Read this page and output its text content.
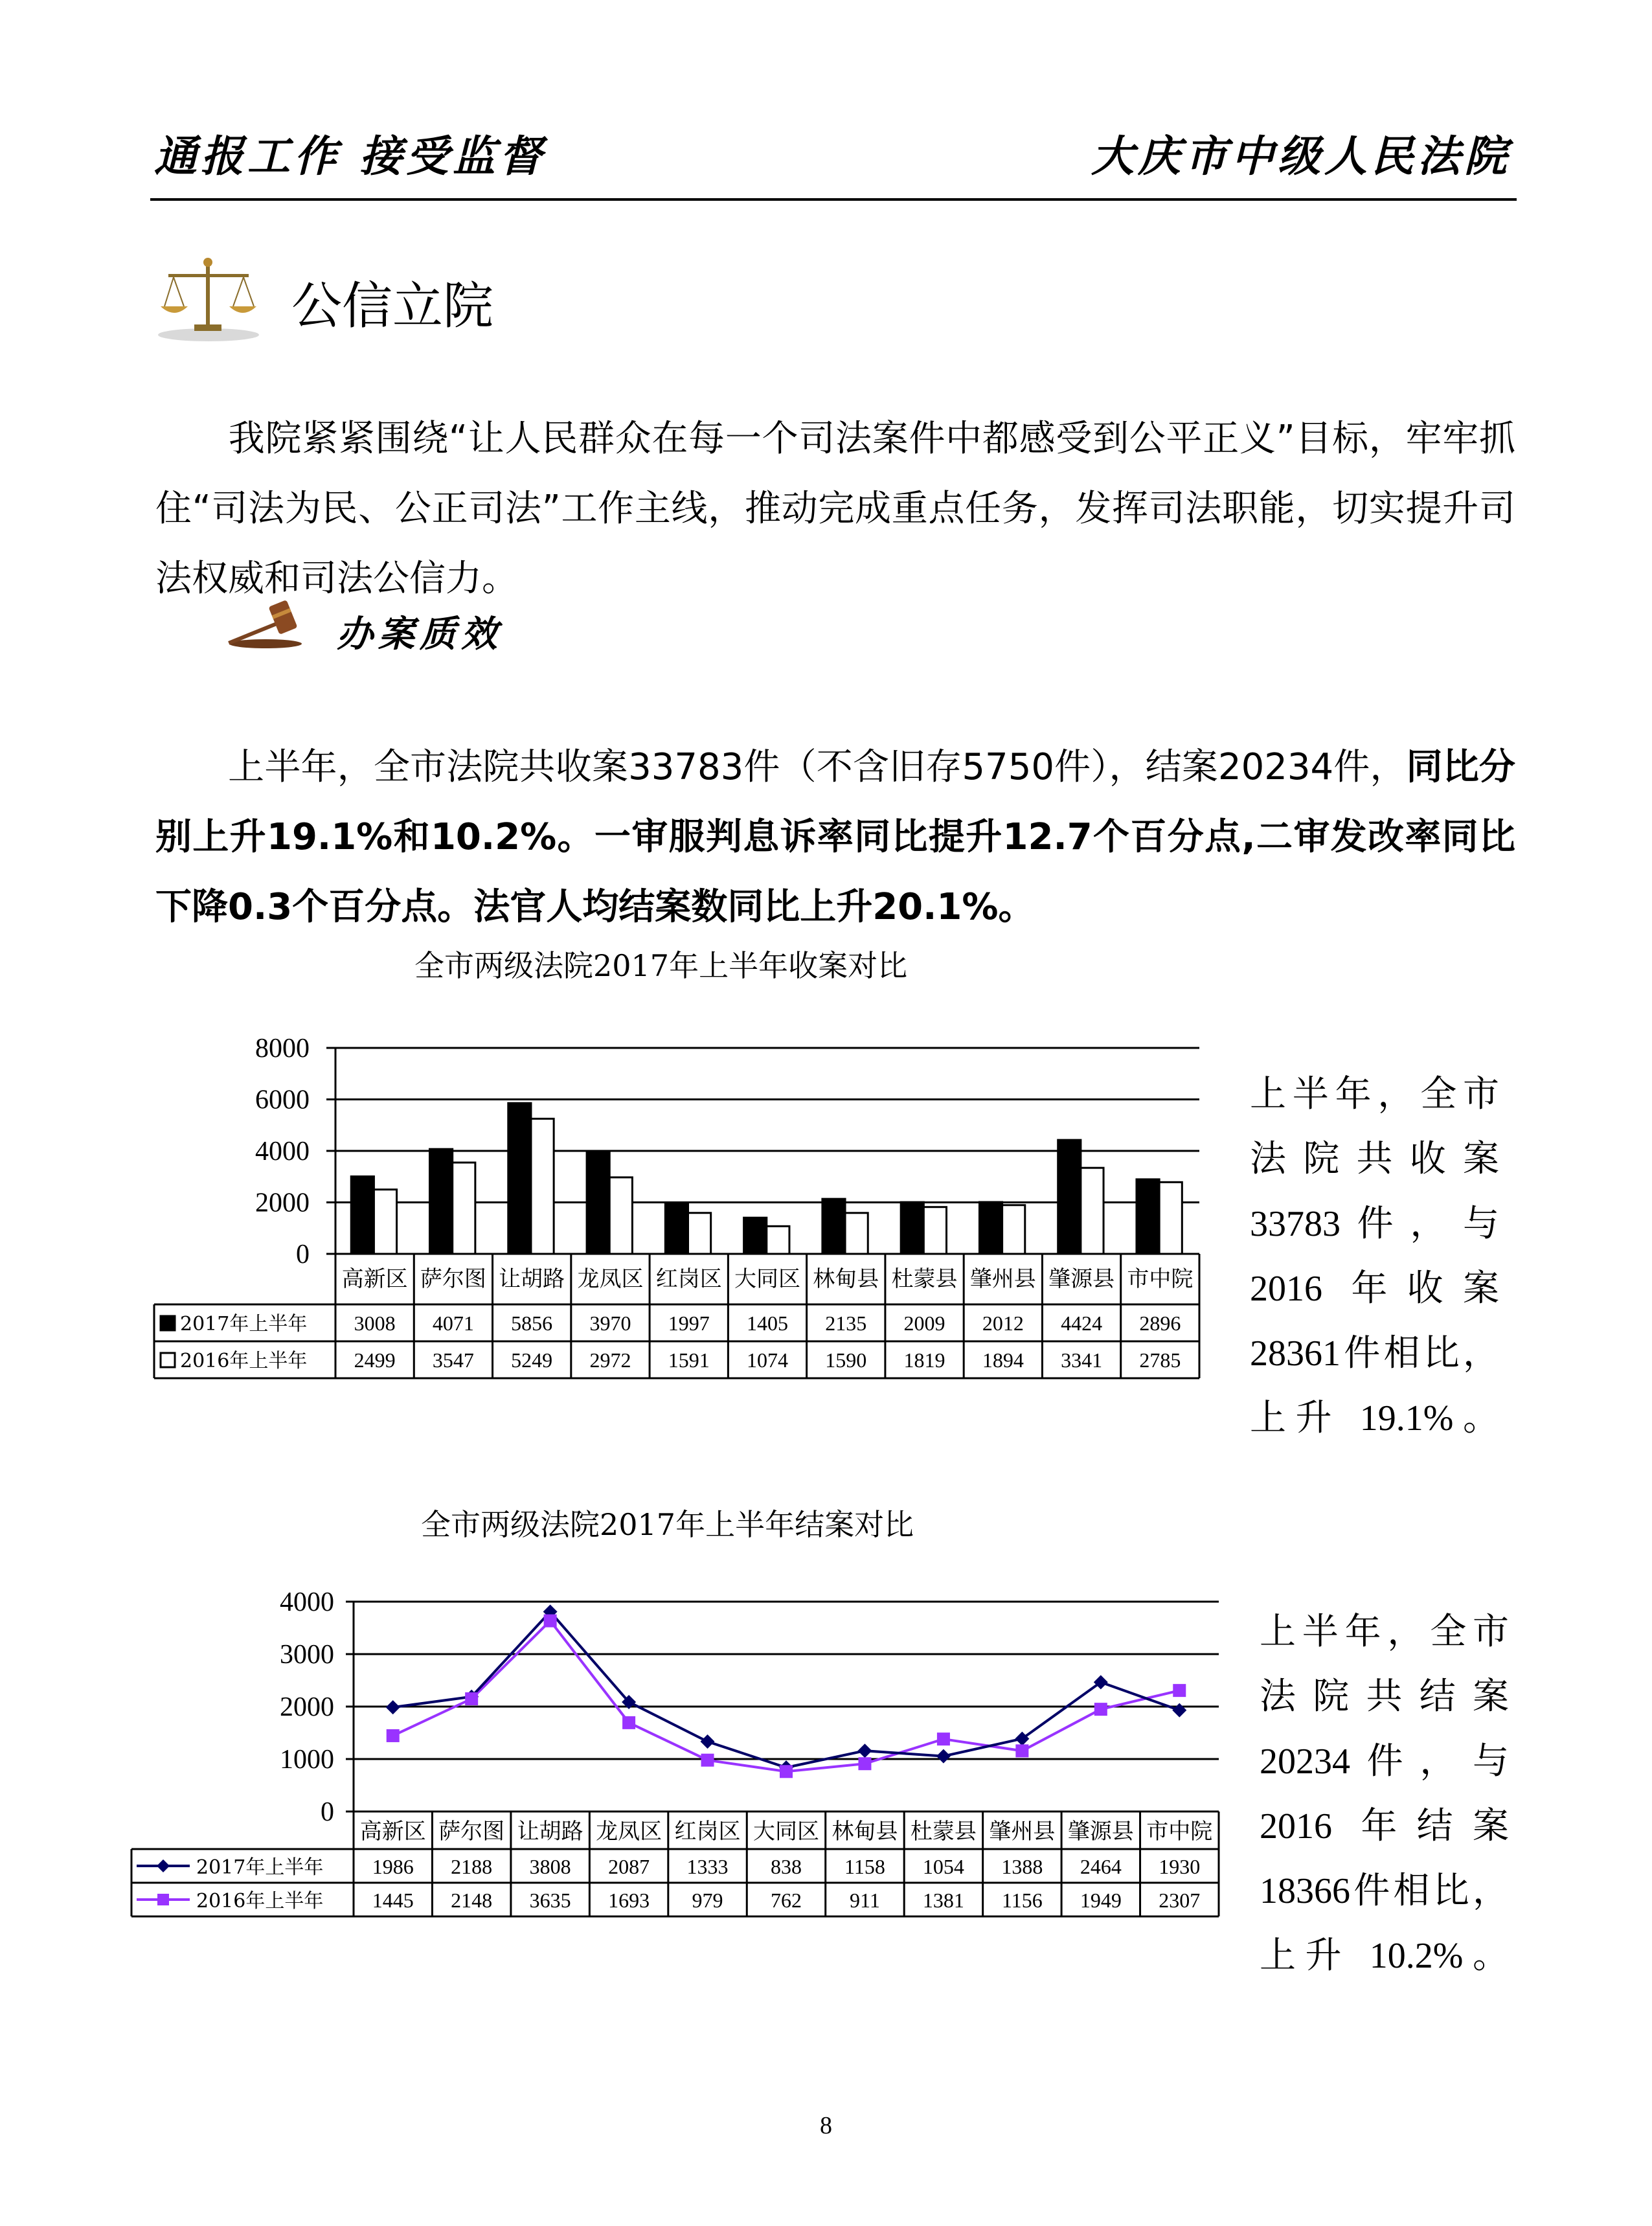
通报工作 接受监督	大庆市中级人民法院
公信立院

我院紧紧围绕“让人民群众在每一个司法案件中都感受到公平正义”目标，牢牢抓住“司法为民、公正司法”工作主线，推动完成重点任务，发挥司法职能，切实提升司法权威和司法公信力。

办案质效

上半年，全市法院共收案33783件（不含旧存5750件），结案20234件，同比分别上升19.1%和10.2%。一审服判息诉率同比提升12.7个百分点,二审发改率同比下降0.3个百分点。法官人均结案数同比上升20.1%。

全市两级法院2017年上半年收案对比
全市两级法院2017年上半年结案对比
8000
6000
4000
2000
0
高新区 萨尔图 让胡路 龙凤区 红岗区 大同区 林甸县 杜蒙县 肇州县 肇源县 市中院
2017年上半年 3008 4071 5856 3970 1997 1405 2135 2009 2012 4424 2896
2016年上半年 2499 3547 5249 2972 1591 1074 1590 1819 1894 3341 2785
4000
3000
2000
1000
0
高新区 萨尔图 让胡路 龙凤区 红岗区 大同区 林甸县 杜蒙县 肇州县 肇源县 市中院
2017年上半年 1986 2188 3808 2087 1333 838 1158 1054 1388 2464 1930
2016年上半年 1445 2148 3635 1693 979 762 911 1381 1156 1949 2307
上半年，全市法院共收案 33783件，与 2016 年收案28361件相比，上升 19.1%。
上半年，全市法院共结案 20234件，与 2016 年结案18366件相比，上升 10.2%。
8
